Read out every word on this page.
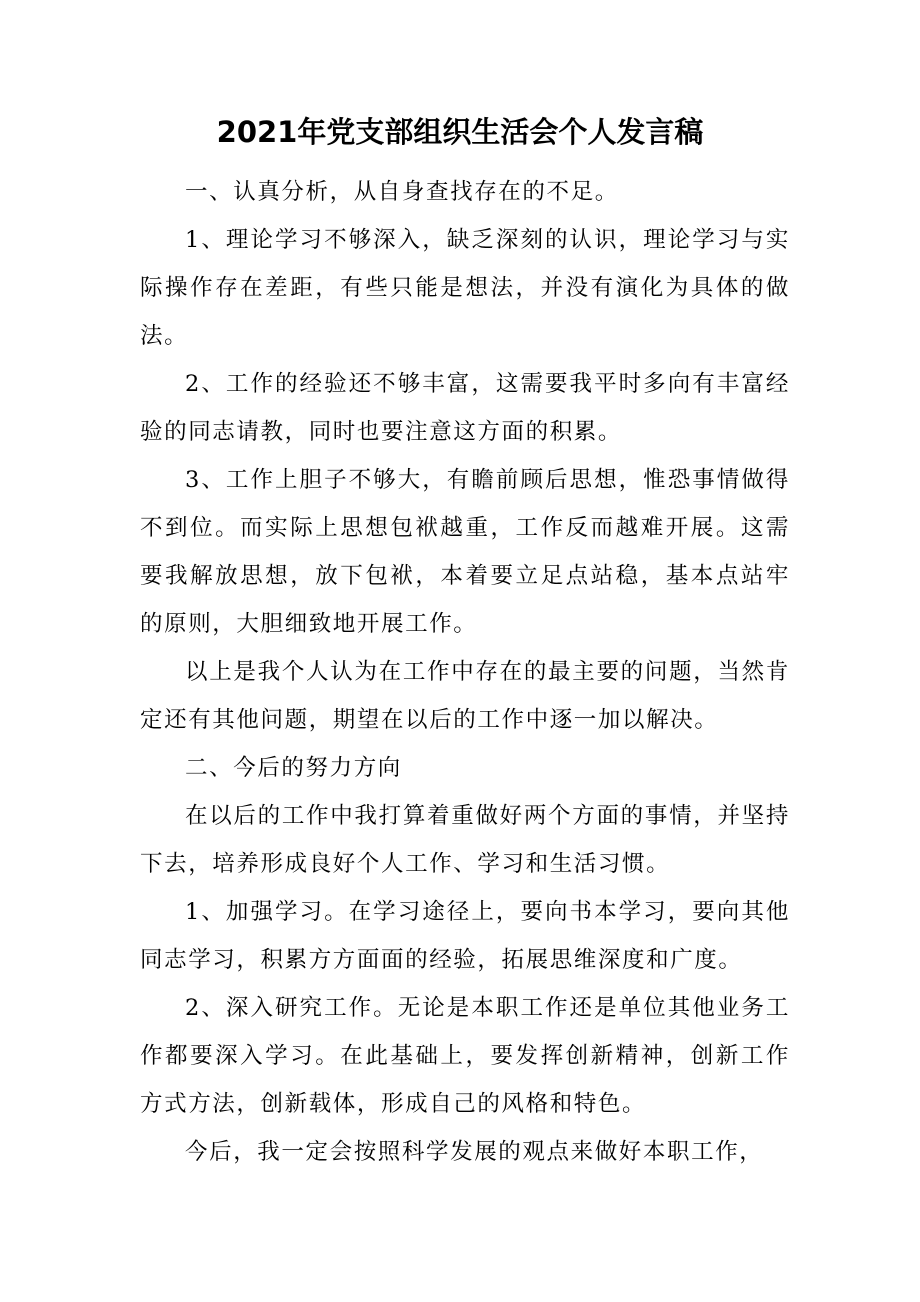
2021年党支部组织生活会个人发言稿

一、认真分析，从自身查找存在的不足。

1、理论学习不够深入，缺乏深刻的认识，理论学习与实际操作存在差距，有些只能是想法，并没有演化为具体的做法。

2、工作的经验还不够丰富，这需要我平时多向有丰富经验的同志请教，同时也要注意这方面的积累。

3、工作上胆子不够大，有瞻前顾后思想，惟恐事情做得不到位。而实际上思想包袱越重，工作反而越难开展。这需要我解放思想，放下包袱，本着要立足点站稳，基本点站牢的原则，大胆细致地开展工作。

以上是我个人认为在工作中存在的最主要的问题，当然肯定还有其他问题，期望在以后的工作中逐一加以解决。

二、今后的努力方向

在以后的工作中我打算着重做好两个方面的事情，并坚持下去，培养形成良好个人工作、学习和生活习惯。

1、加强学习。在学习途径上，要向书本学习，要向其他同志学习，积累方方面面的经验，拓展思维深度和广度。

2、深入研究工作。无论是本职工作还是单位其他业务工作都要深入学习。在此基础上，要发挥创新精神，创新工作方式方法，创新载体，形成自己的风格和特色。

今后，我一定会按照科学发展的观点来做好本职工作，
